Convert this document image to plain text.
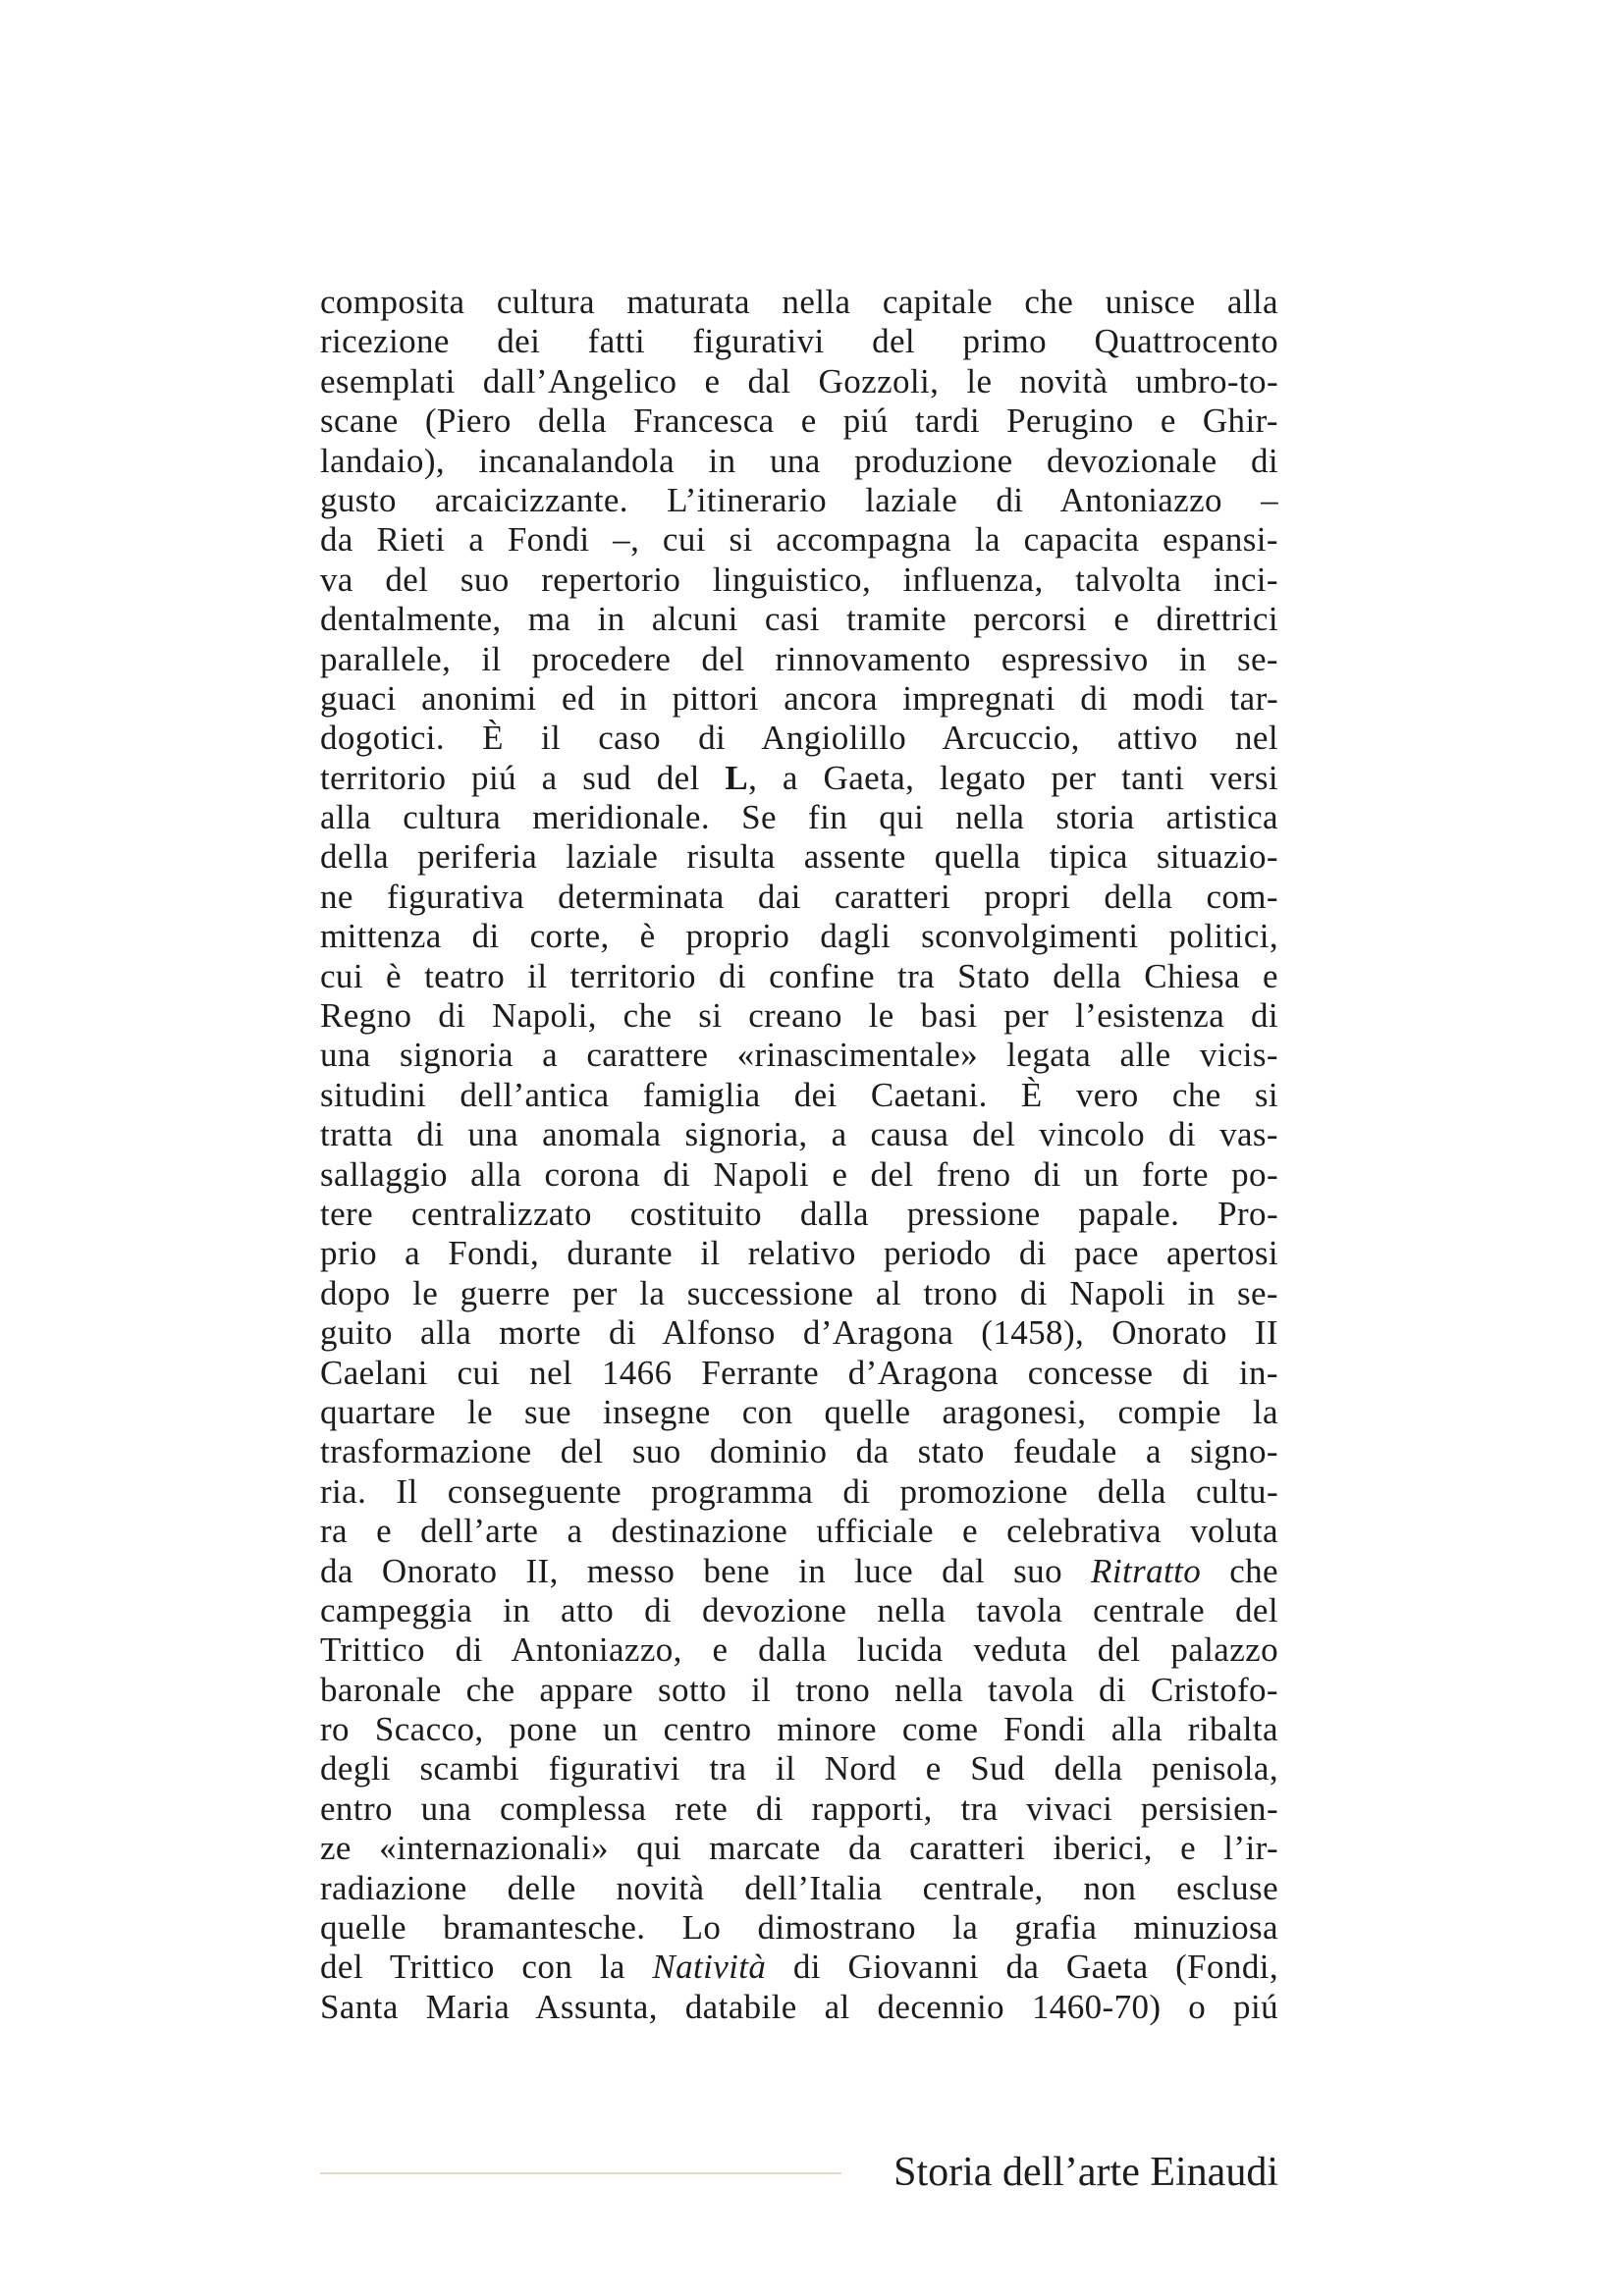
composita cultura maturata nella capitale che unisce alla
ricezione dei fatti figurativi del primo Quattrocento
esemplati dall’Angelico e dal Gozzoli, le novità umbro-to-
scane (Piero della Francesca e piú tardi Perugino e Ghir-
landaio), incanalandola in una produzione devozionale di
gusto arcaicizzante. L’itinerario laziale di Antoniazzo –
da Rieti a Fondi –, cui si accompagna la capacita espansi-
va del suo repertorio linguistico, influenza, talvolta inci-
dentalmente, ma in alcuni casi tramite percorsi e direttrici
parallele, il procedere del rinnovamento espressivo in se-
guaci anonimi ed in pittori ancora impregnati di modi tar-
dogotici. È il caso di Angiolillo Arcuccio, attivo nel
territorio piú a sud del L, a Gaeta, legato per tanti versi
alla cultura meridionale. Se fin qui nella storia artistica
della periferia laziale risulta assente quella tipica situazio-
ne figurativa determinata dai caratteri propri della com-
mittenza di corte, è proprio dagli sconvolgimenti politici,
cui è teatro il territorio di confine tra Stato della Chiesa e
Regno di Napoli, che si creano le basi per l’esistenza di
una signoria a carattere «rinascimentale» legata alle vicis-
situdini dell’antica famiglia dei Caetani. È vero che si
tratta di una anomala signoria, a causa del vincolo di vas-
sallaggio alla corona di Napoli e del freno di un forte po-
tere centralizzato costituito dalla pressione papale. Pro-
prio a Fondi, durante il relativo periodo di pace apertosi
dopo le guerre per la successione al trono di Napoli in se-
guito alla morte di Alfonso d’Aragona (1458), Onorato II
Caelani cui nel 1466 Ferrante d’Aragona concesse di in-
quartare le sue insegne con quelle aragonesi, compie la
trasformazione del suo dominio da stato feudale a signo-
ria. Il conseguente programma di promozione della cultu-
ra e dell’arte a destinazione ufficiale e celebrativa voluta
da Onorato II, messo bene in luce dal suo Ritratto che
campeggia in atto di devozione nella tavola centrale del
Trittico di Antoniazzo, e dalla lucida veduta del palazzo
baronale che appare sotto il trono nella tavola di Cristofo-
ro Scacco, pone un centro minore come Fondi alla ribalta
degli scambi figurativi tra il Nord e Sud della penisola,
entro una complessa rete di rapporti, tra vivaci persisien-
ze «internazionali» qui marcate da caratteri iberici, e l’ir-
radiazione delle novità dell’Italia centrale, non escluse
quelle bramantesche. Lo dimostrano la grafia minuziosa
del Trittico con la Natività di Giovanni da Gaeta (Fondi,
Santa Maria Assunta, databile al decennio 1460-70) o piú
Storia dell’arte Einaudi
